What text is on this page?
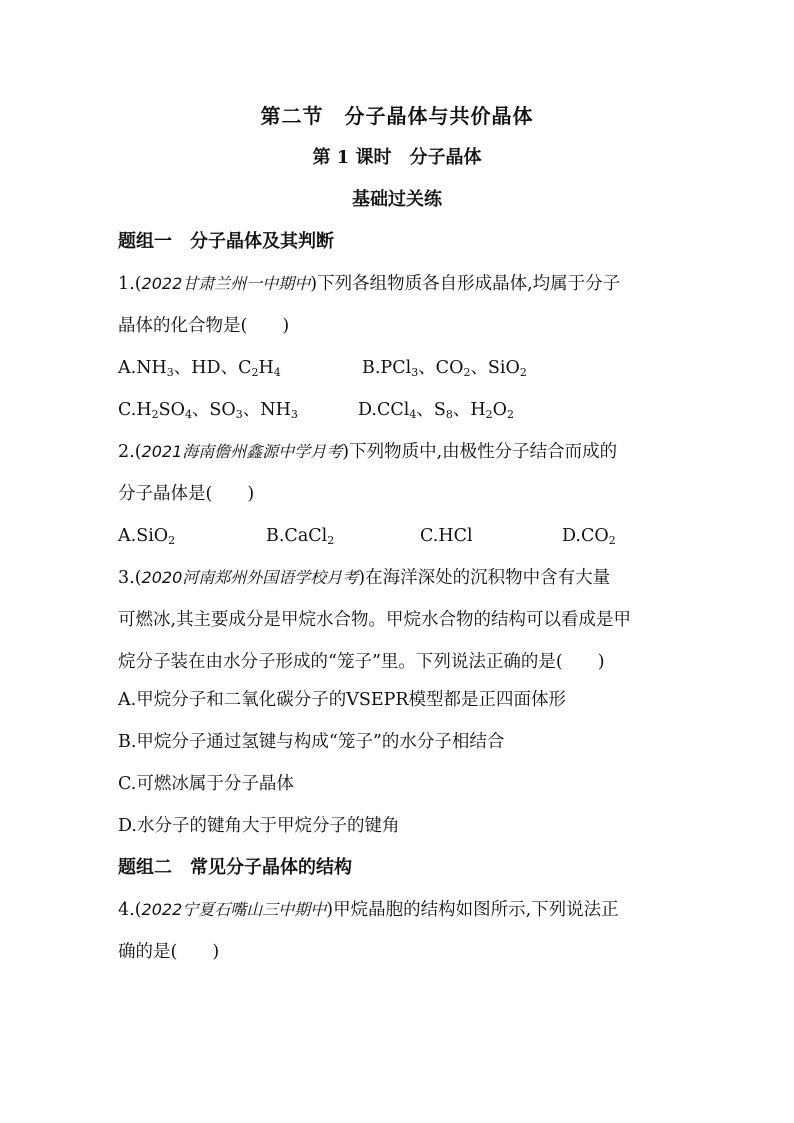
第二节　分子晶体与共价晶体
第 1 课时　分子晶体
基础过关练
题组一　分子晶体及其判断
1.(2022甘肃兰州一中期中)下列各组物质各自形成晶体,均属于分子
晶体的化合物是(　　)
$A.NH_3$、HD、$C_2H_4$	B.PCl$_3$、$CO_2$、SiO$_2$
$C.H_2SO_4$、$SO_3$、$NH_3$	D.CCl$_4$、$S_8$、$H_2O_2$
2.(2021海南儋州鑫源中学月考)下列物质中,由极性分子结合而成的
分子晶体是(　　)
A.SiO$_2$	B.CaCl$_2$	C.HCl	$D.CO_2$
3.(2020河南郑州外国语学校月考)在海洋深处的沉积物中含有大量
可燃冰,其主要成分是甲烷水合物。甲烷水合物的结构可以看成是甲
烷分子装在由水分子形成的“笼子”里。下列说法正确的是(　　)
A.甲烷分子和二氧化碳分子的VSEPR模型都是正四面体形
B.甲烷分子通过氢键与构成“笼子”的水分子相结合
C.可燃冰属于分子晶体
D.水分子的键角大于甲烷分子的键角
题组二　常见分子晶体的结构
4.(2022宁夏石嘴山三中期中)甲烷晶胞的结构如图所示,下列说法正
确的是(　　)
